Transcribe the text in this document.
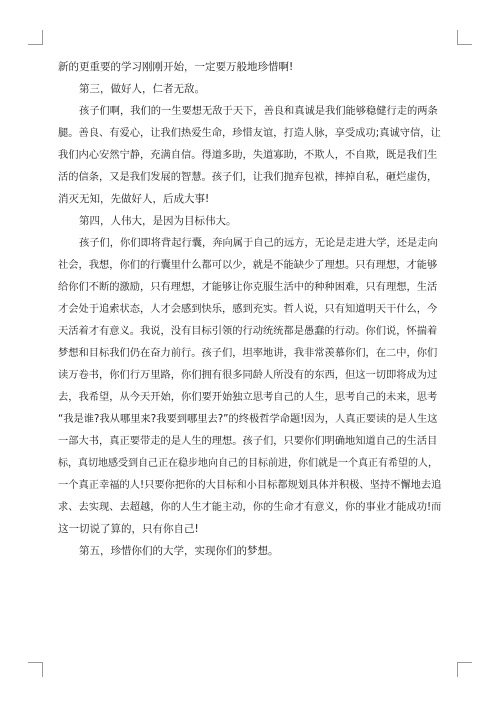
新的更重要的学习刚刚开始，一定要万般地珍惜啊!
第三，做好人，仁者无敌。
孩子们啊，我们的一生要想无敌于天下，善良和真诚是我们能够稳健行走的两条
腿。善良、有爱心，让我们热爱生命，珍惜友谊，打造人脉，享受成功;真诚守信，让
我们内心安然宁静，充满自信。得道多助，失道寡助，不欺人，不自欺，既是我们生
活的信条，又是我们发展的智慧。孩子们，让我们抛弃包袱，摔掉自私，砸烂虚伪，
消灭无知，先做好人，后成大事!
第四，人伟大，是因为目标伟大。
孩子们，你们即将背起行囊，奔向属于自己的远方，无论是走进大学，还是走向
社会，我想，你们的行囊里什么都可以少，就是不能缺少了理想。只有理想，才能够
给你们不断的激励，只有理想，才能够让你克服生活中的种种困难，只有理想，生活
才会处于追索状态，人才会感到快乐，感到充实。哲人说，只有知道明天干什么，今
天活着才有意义。我说，没有目标引领的行动统统都是愚蠢的行动。你们说，怀揣着
梦想和目标我们仍在奋力前行。孩子们，坦率地讲，我非常羡慕你们，在二中，你们
读万卷书，你们行万里路，你们拥有很多同龄人所没有的东西，但这一切即将成为过
去，我希望，从今天开始，你们要开始独立思考自己的人生，思考自己的未来，思考
“我是谁?我从哪里来?我要到哪里去?”的终极哲学命题!因为，人真正要读的是人生这
一部大书，真正要带走的是人生的理想。孩子们，只要你们明确地知道自己的生活目
标，真切地感受到自己正在稳步地向自己的目标前进，你们就是一个真正有希望的人，
一个真正幸福的人!只要你把你的大目标和小目标都规划具体并积极、坚持不懈地去追
求、去实现、去超越，你的人生才能主动，你的生命才有意义，你的事业才能成功!而
这一切说了算的，只有你自己!
第五，珍惜你们的大学，实现你们的梦想。
